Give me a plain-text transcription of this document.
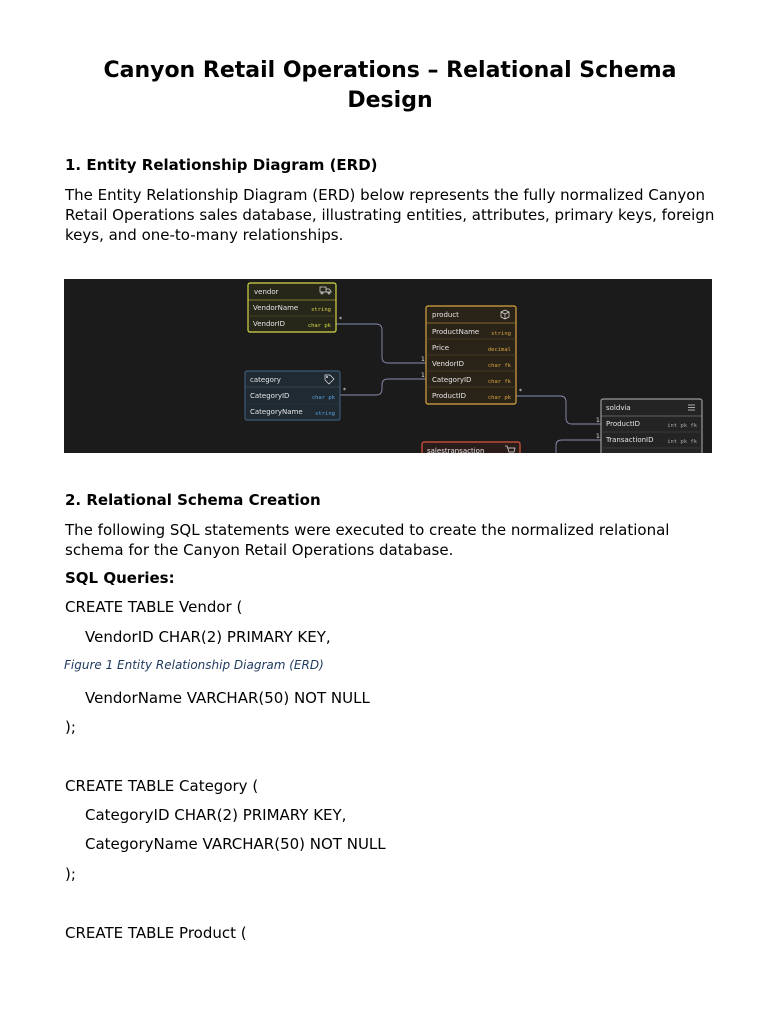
Canyon Retail Operations – Relational Schema Design
1. Entity Relationship Diagram (ERD)

The Entity Relationship Diagram (ERD) below represents the fully normalized Canyon Retail Operations sales database, illustrating entities, attributes, primary keys, foreign keys, and one-to-many relationships.

*
1
*
1
*
1
1
vendor
VendorName string
VendorID	char pk
category
CategoryID	char pk
CategoryName string
product
ProductName string
Price	decimal
VendorID	char fk
CategoryID	char fk
ProductID	char pk
soldvia
ProductID	int pk fk
TransactionID int pk fk
salestransaction
2. Relational Schema Creation

The following SQL statements were executed to create the normalized relational schema for the Canyon Retail Operations database.

SQL Queries:

CREATE TABLE Vendor (

VendorID CHAR(2) PRIMARY KEY,

Figure 1 Entity Relationship Diagram (ERD)

VendorName VARCHAR(50) NOT NULL

);

CREATE TABLE Category (

CategoryID CHAR(2) PRIMARY KEY,

CategoryName VARCHAR(50) NOT NULL

);

CREATE TABLE Product (
